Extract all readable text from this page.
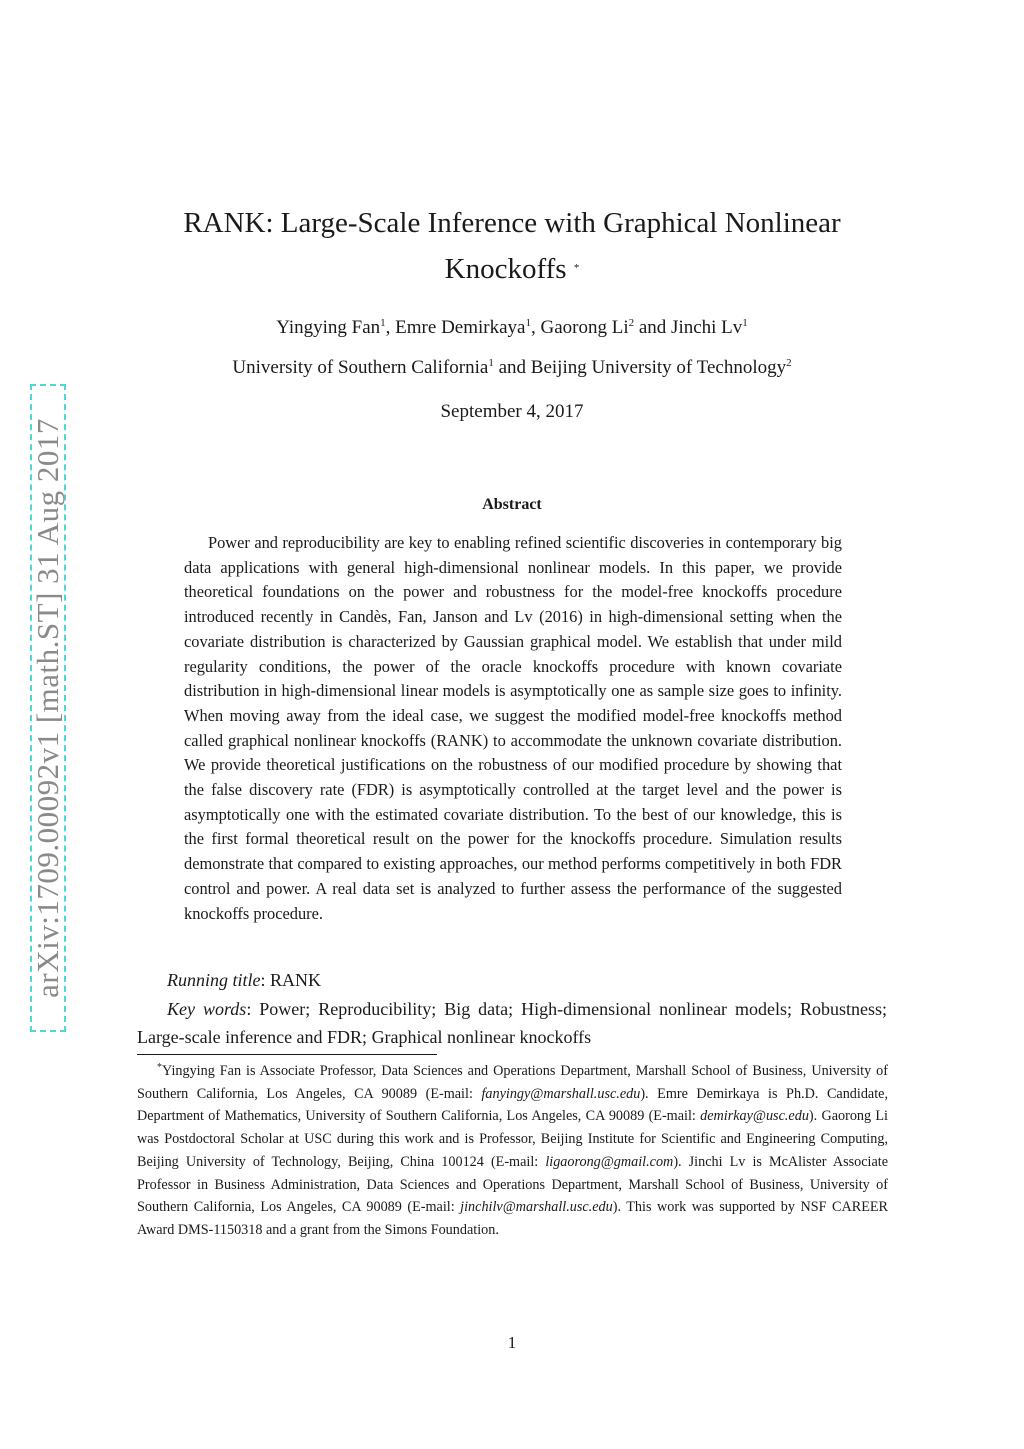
arXiv:1709.00092v1 [math.ST] 31 Aug 2017
RANK: Large-Scale Inference with Graphical Nonlinear
Knockoffs *
Yingying Fan$^1$, Emre Demirkaya$^1$, Gaorong Li$^2$ and Jinchi Lv$^1$
University of Southern California$^1$ and Beijing University of Technology$^2$
September 4, 2017
Abstract

Power and reproducibility are key to enabling refined scientific discoveries in contemporary big data applications with general high-dimensional nonlinear models. In this paper, we provide theoretical foundations on the power and robustness for the model-free knockoffs procedure introduced recently in Candès, Fan, Janson and Lv (2016) in high-dimensional setting when the covariate distribution is characterized by Gaussian graphical model. We establish that under mild regularity conditions, the power of the oracle knockoffs procedure with known covariate distribution in high-dimensional linear models is asymptotically one as sample size goes to infinity. When moving away from the ideal case, we suggest the modified model-free knockoffs method called graphical nonlinear knockoffs (RANK) to accommodate the unknown covariate distribution. We provide theoretical justifications on the robustness of our modified procedure by showing that the false discovery rate (FDR) is asymptotically controlled at the target level and the power is asymptotically one with the estimated covariate distribution. To the best of our knowledge, this is the first formal theoretical result on the power for the knockoffs procedure. Simulation results demonstrate that compared to existing approaches, our method performs competitively in both FDR control and power. A real data set is analyzed to further assess the performance of the suggested knockoffs procedure.

Running title: RANK

Key words: Power; Reproducibility; Big data; High-dimensional nonlinear models; Robustness; Large-scale inference and FDR; Graphical nonlinear knockoffs

*Yingying Fan is Associate Professor, Data Sciences and Operations Department, Marshall School of Business, University of Southern California, Los Angeles, CA 90089 (E-mail: fanyingy@marshall.usc.edu). Emre Demirkaya is Ph.D. Candidate, Department of Mathematics, University of Southern California, Los Angeles, CA 90089 (E-mail: demirkay@usc.edu). Gaorong Li was Postdoctoral Scholar at USC during this work and is Professor, Beijing Institute for Scientific and Engineering Computing, Beijing University of Technology, Beijing, China 100124 (E-mail: ligaorong@gmail.com). Jinchi Lv is McAlister Associate Professor in Business Administration, Data Sciences and Operations Department, Marshall School of Business, University of Southern California, Los Angeles, CA 90089 (E-mail: jinchilv@marshall.usc.edu). This work was supported by NSF CAREER Award DMS-1150318 and a grant from the Simons Foundation.

1
